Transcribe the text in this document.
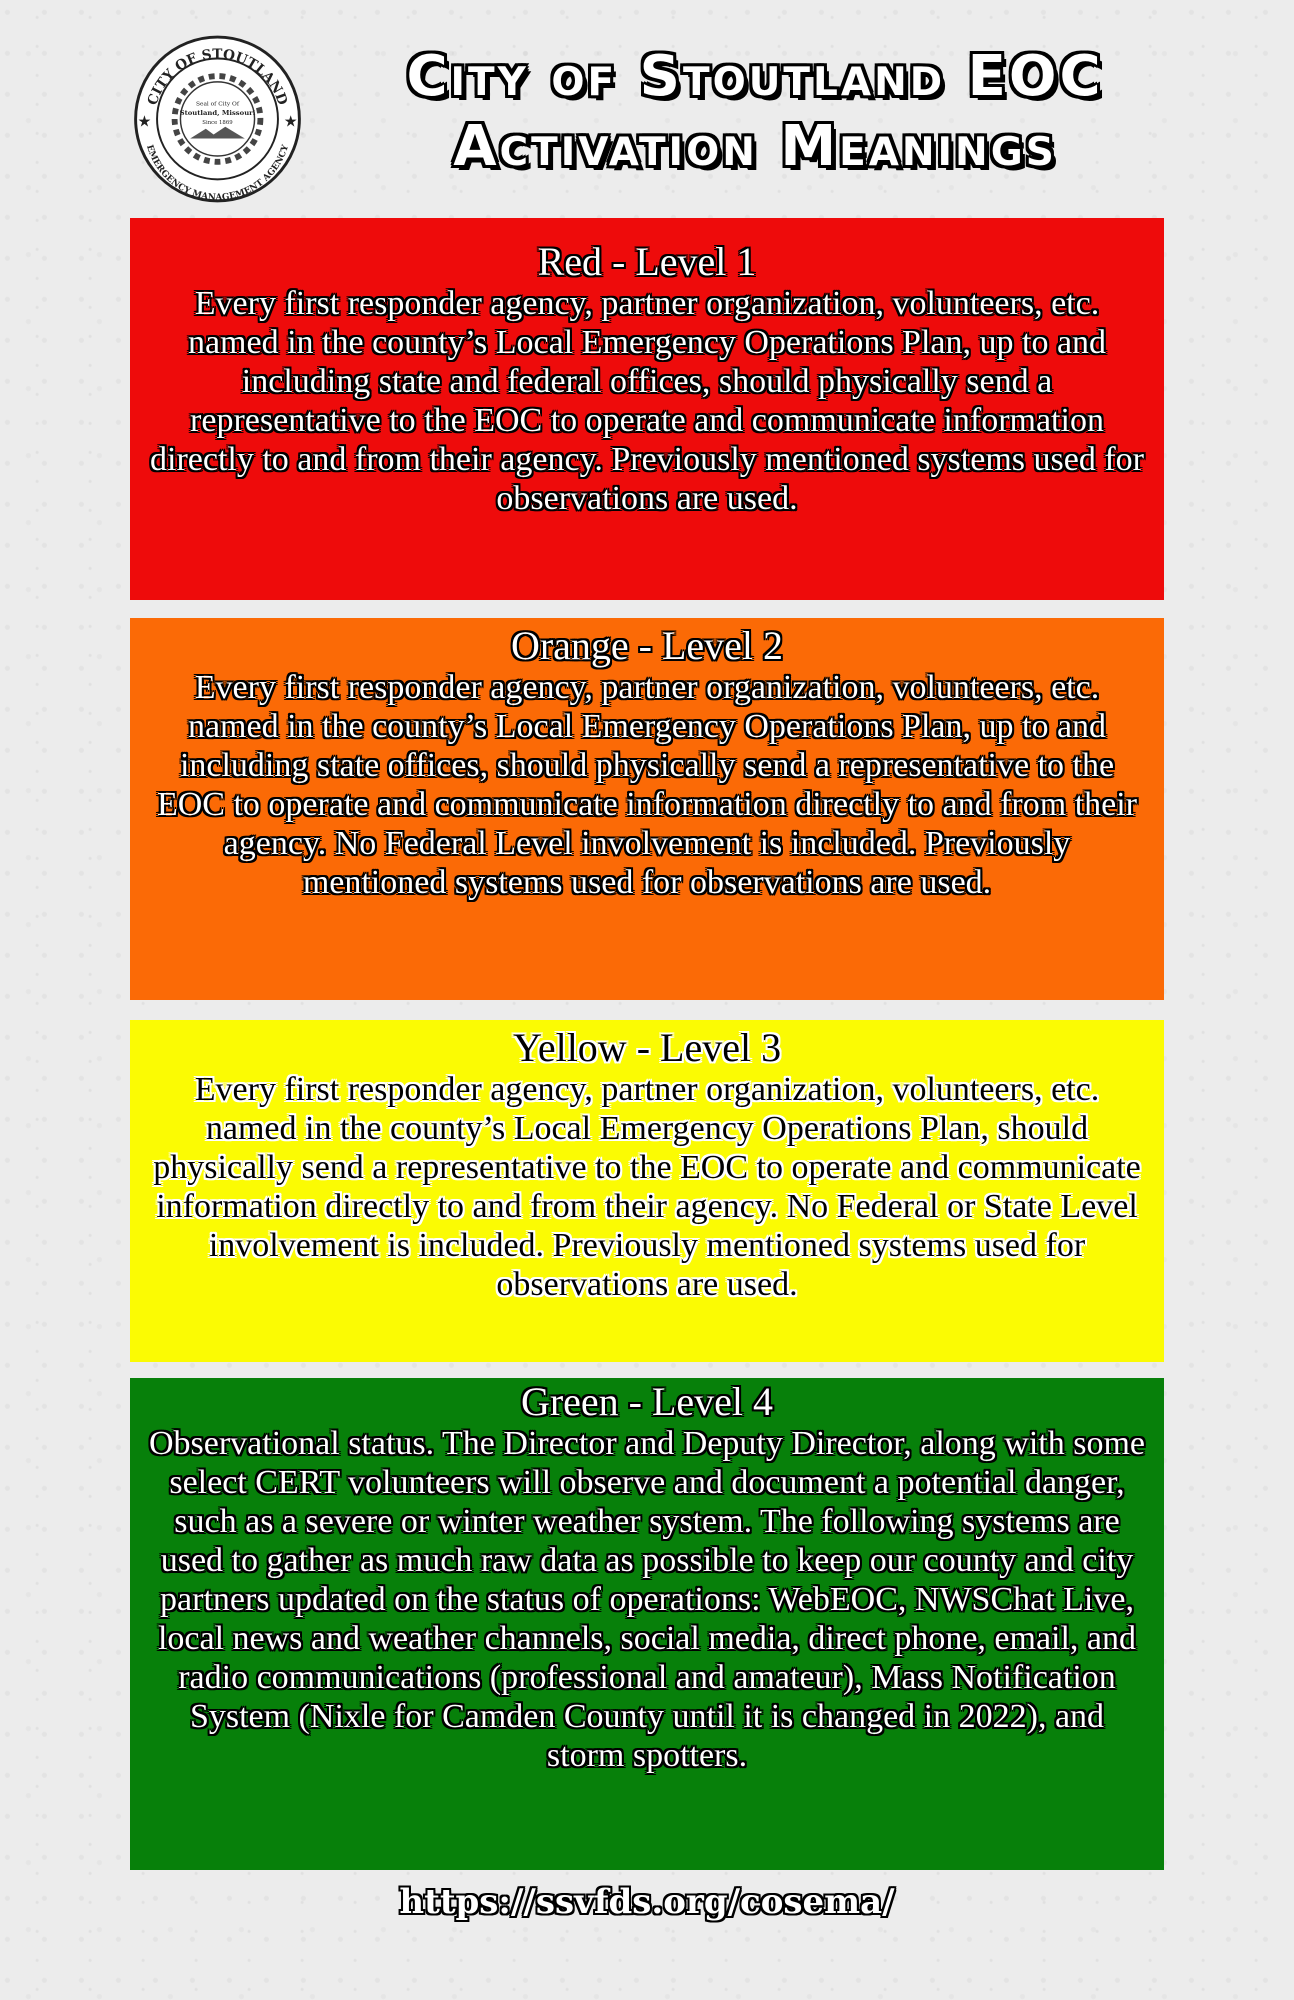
CITY OF STOUTLAND
EMERGENCY MANAGEMENT AGENCY
Seal of City Of
Stoutland, Missouri
Since 1869
★	★
City of Stoutland EOC
Activation Meanings
Red - Level 1

Every first responder agency, partner organization, volunteers, etc. named in the county’s Local Emergency Operations Plan, up to and including state and federal offices, should physically send a representative to the EOC to operate and communicate information directly to and from their agency. Previously mentioned systems used for observations are used.

Orange - Level 2

Every first responder agency, partner organization, volunteers, etc. named in the county’s Local Emergency Operations Plan, up to and including state offices, should physically send a representative to the EOC to operate and communicate information directly to and from their agency. No Federal Level involvement is included. Previously mentioned systems used for observations are used.

Yellow - Level 3

Every first responder agency, partner organization, volunteers, etc. named in the county’s Local Emergency Operations Plan, should physically send a representative to the EOC to operate and communicate information directly to and from their agency. No Federal or State Level involvement is included. Previously mentioned systems used for observations are used.

Green - Level 4

Observational status. The Director and Deputy Director, along with some select CERT volunteers will observe and document a potential danger, such as a severe or winter weather system. The following systems are used to gather as much raw data as possible to keep our county and city partners updated on the status of operations: WebEOC, NWSChat Live, local news and weather channels, social media, direct phone, email, and radio communications (professional and amateur), Mass Notification System (Nixle for Camden County until it is changed in 2022), and storm spotters.

https://ssvfds.org/cosema/
